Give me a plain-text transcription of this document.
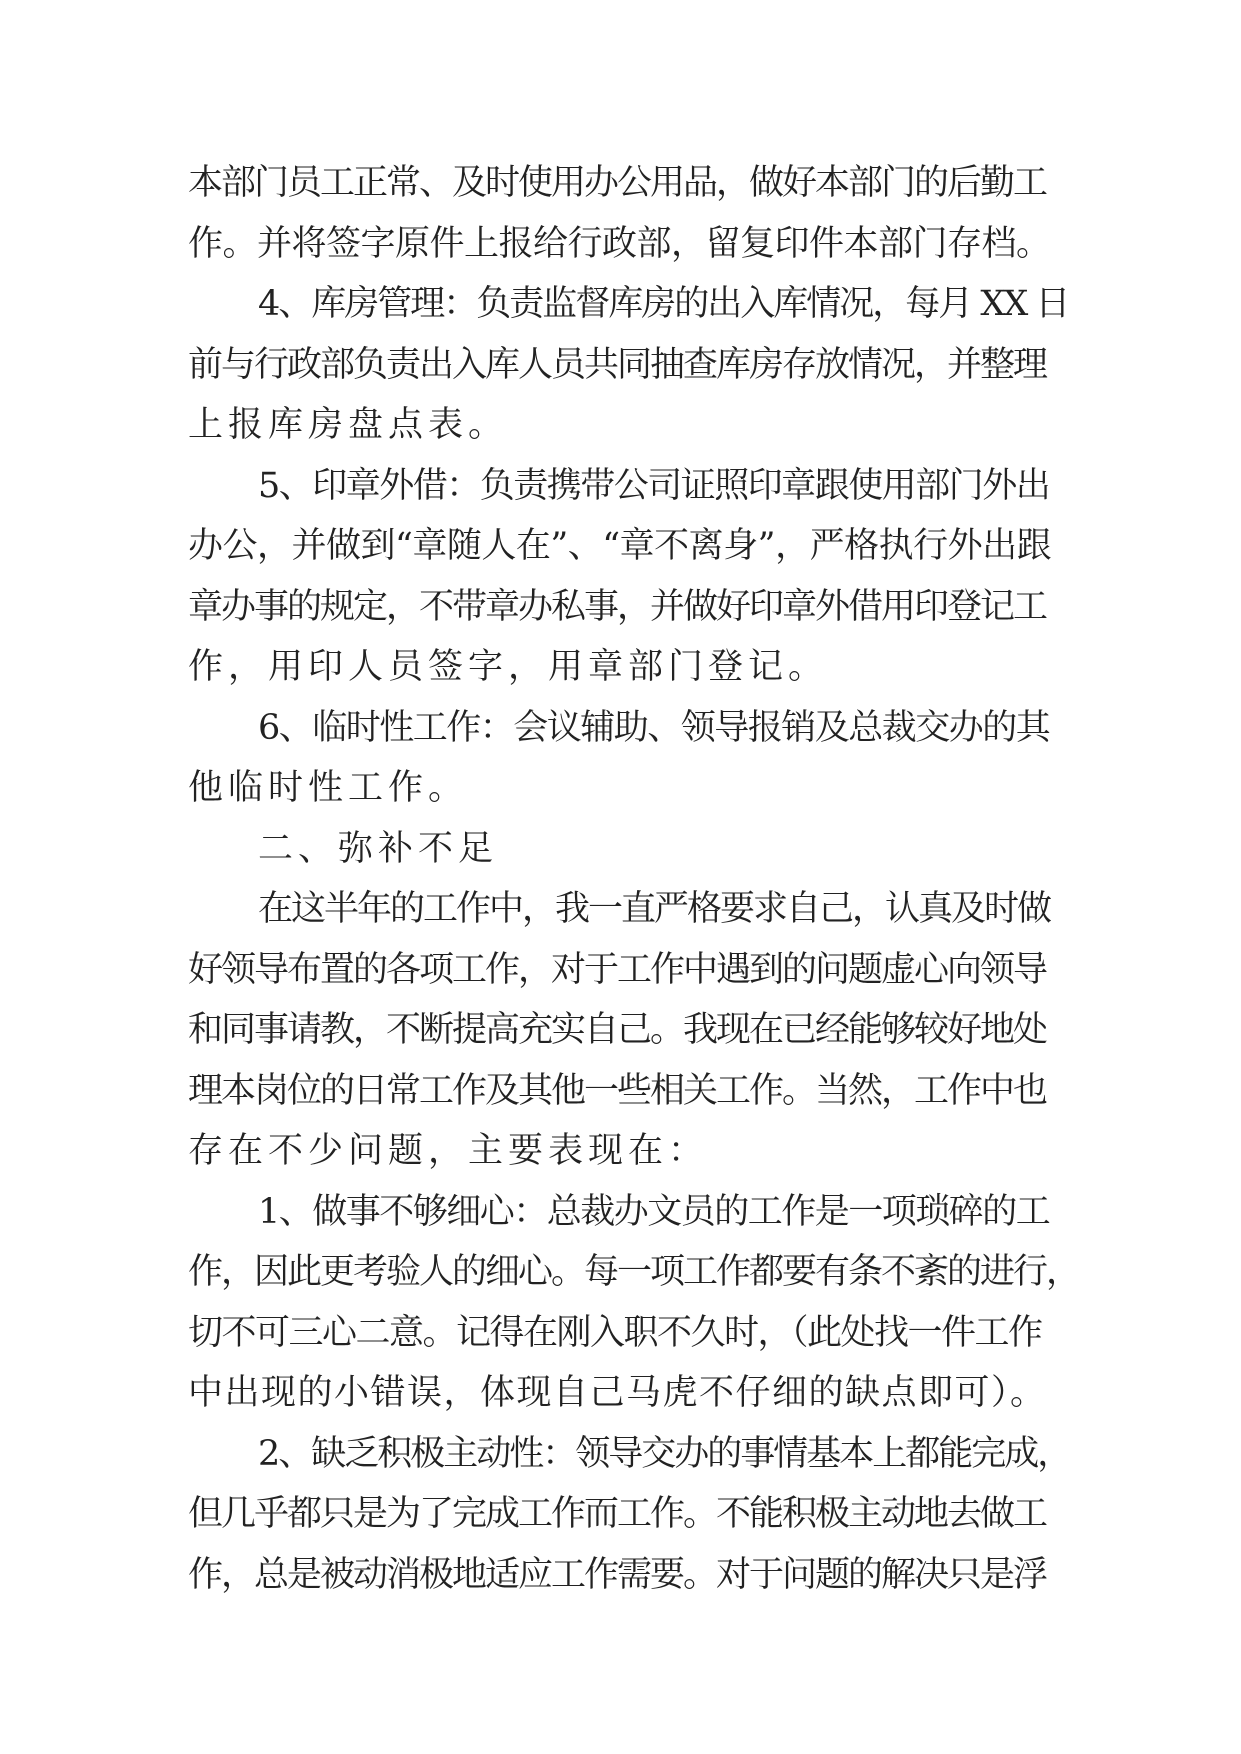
本部门员工正常、及时使用办公用品，做好本部门的后勤工
作。并将签字原件上报给行政部，留复印件本部门存档。
4、库房管理：负责监督库房的出入库情况，每月 XX 日
前与行政部负责出入库人员共同抽查库房存放情况，并整理
上报库房盘点表。
5、印章外借：负责携带公司证照印章跟使用部门外出
办公，并做到“章随人在”、“章不离身”，严格执行外出跟
章办事的规定，不带章办私事，并做好印章外借用印登记工
作，用印人员签字，用章部门登记。
6、临时性工作：会议辅助、领导报销及总裁交办的其
他临时性工作。
二、弥补不足
在这半年的工作中，我一直严格要求自己，认真及时做
好领导布置的各项工作，对于工作中遇到的问题虚心向领导
和同事请教，不断提高充实自己。我现在已经能够较好地处
理本岗位的日常工作及其他一些相关工作。当然，工作中也
存在不少问题，主要表现在：
1、做事不够细心：总裁办文员的工作是一项琐碎的工
作，因此更考验人的细心。每一项工作都要有条不紊的进行，
切不可三心二意。记得在刚入职不久时，（此处找一件工作
中出现的小错误，体现自己马虎不仔细的缺点即可）。
2、缺乏积极主动性：领导交办的事情基本上都能完成，
但几乎都只是为了完成工作而工作。不能积极主动地去做工
作，总是被动消极地适应工作需要。对于问题的解决只是浮
